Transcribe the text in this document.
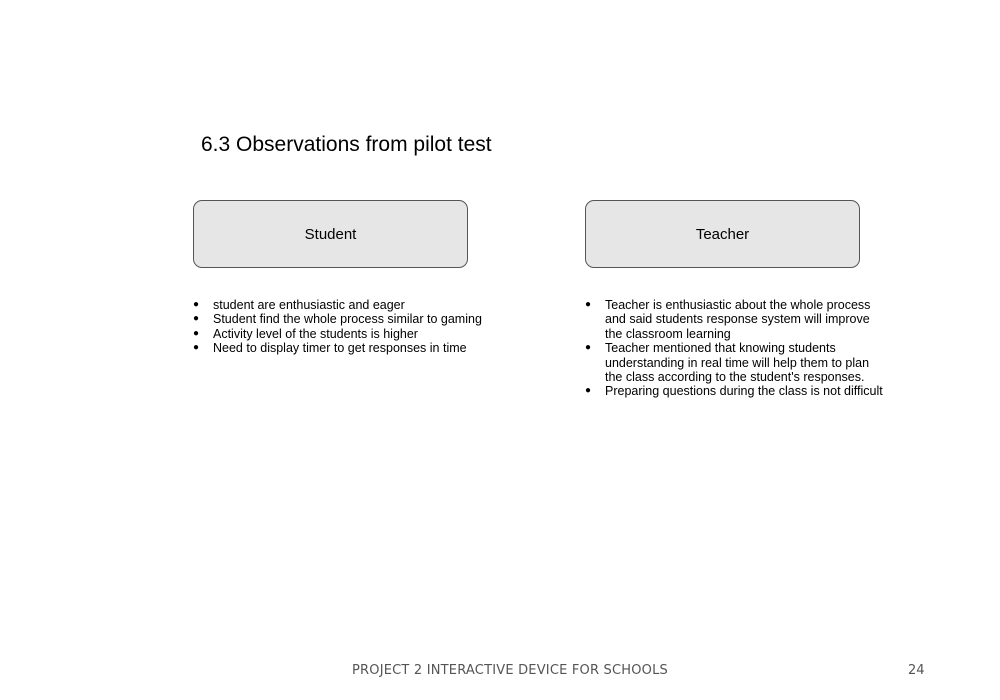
6.3 Observations from pilot test
Student	Teacher
● student are enthusiastic and eager
● Student find the whole process similar to gaming
● Activity level of the students is higher
● Need to display timer to get responses in time
● Teacher is enthusiastic about the whole process and said students response system will improve the classroom learning
● Teacher mentioned that knowing students understanding in real time will help them to plan the class according to the student's responses.
● Preparing questions during the class is not difficult
PROJECT 2 INTERACTIVE DEVICE FOR SCHOOLS	24
